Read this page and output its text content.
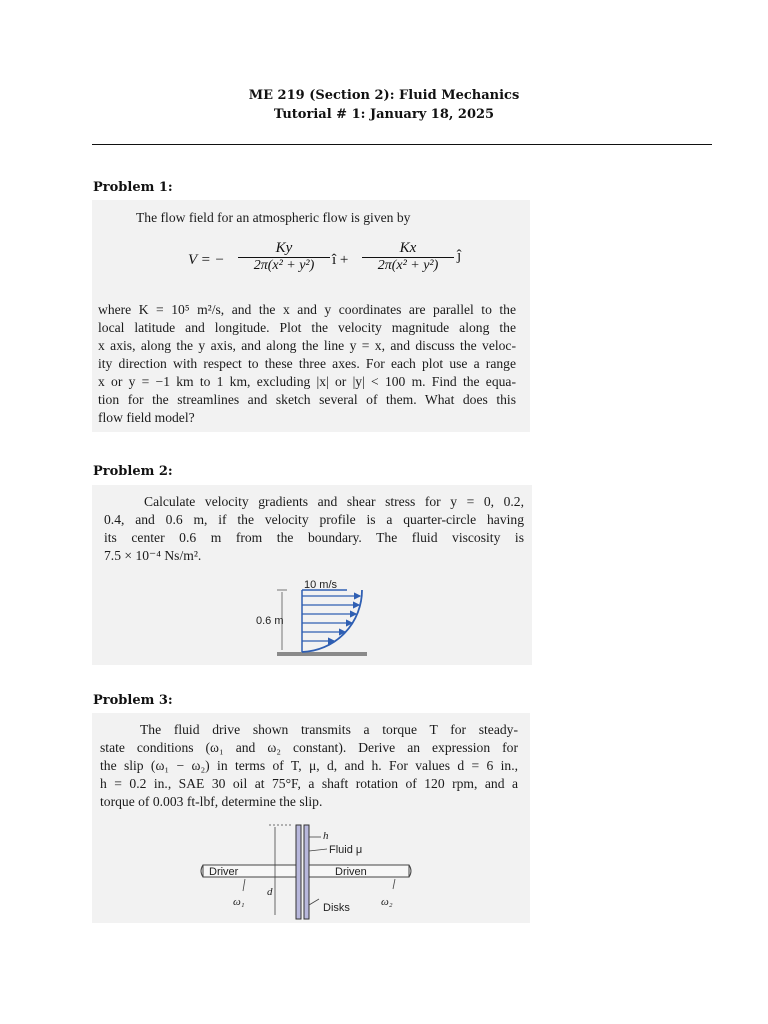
ME 219 (Section 2): Fluid Mechanics
Tutorial # 1: January 18, 2025
Problem 1:
The flow field for an atmospheric flow is given by
V = −
Ky
2π(x² + y²)	î +
Kx
2π(x² + y²)
ĵ
where K = 10⁵ m²/s, and the x and y coordinates are parallel to the
local latitude and longitude. Plot the velocity magnitude along the
x axis, along the y axis, and along the line y = x, and discuss the veloc-
ity direction with respect to these three axes. For each plot use a range
x or y = −1 km to 1 km, excluding |x| or |y| < 100 m. Find the equa-
tion for the streamlines and sketch several of them. What does this
flow field model?
Problem 2:
Calculate velocity gradients and shear stress for y = 0, 0.2,
0.4, and 0.6 m, if the velocity profile is a quarter-circle having
its center 0.6 m from the boundary. The fluid viscosity is
7.5 × 10⁻⁴ Ns/m².
10 m/s
0.6 m
Problem 3:
The fluid drive shown transmits a torque T for steady-
state conditions (ω₁ and ω₂ constant). Derive an expression for
the slip (ω₁ − ω₂) in terms of T, μ, d, and h. For values d = 6 in.,
h = 0.2 in., SAE 30 oil at 75°F, a shaft rotation of 120 rpm, and a
torque of 0.003 ft-lbf, determine the slip.
h
Fluid μ
Driver	Driven
ω₁
d
Disks	ω₂
